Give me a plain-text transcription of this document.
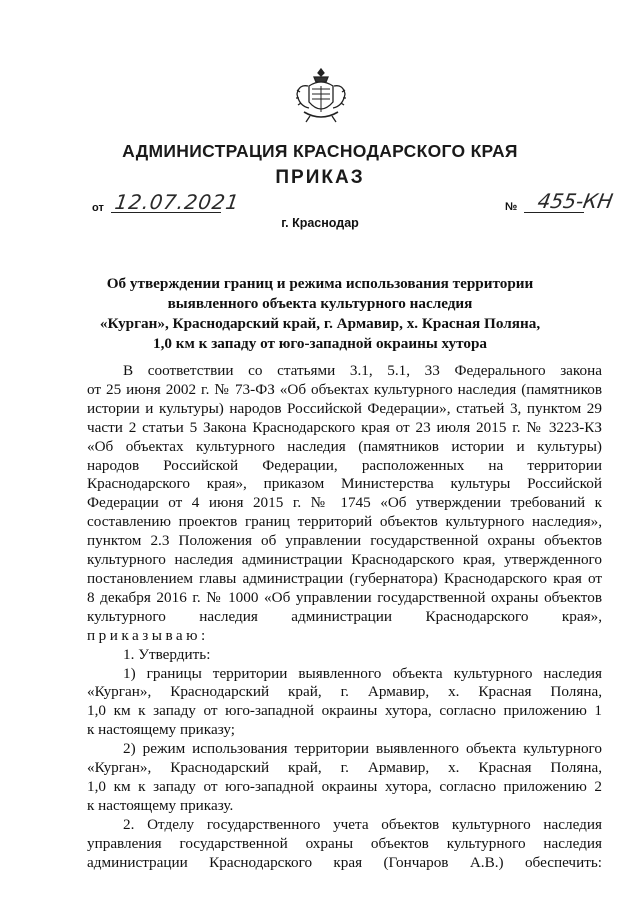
АДМИНИСТРАЦИЯ КРАСНОДАРСКОГО КРАЯ
ПРИКАЗ
от 12.07.2021	№ 455-КН
г. Краснодар
Об утверждении границ и режима использования территории
выявленного объекта культурного наследия
«Курган», Краснодарский край, г. Армавир, х. Красная Поляна,
1,0 км к западу от юго-западной окраины хутора
В соответствии со статьями 3.1, 5.1, 33 Федерального закона
от 25 июня 2002 г. № 73-ФЗ «Об объектах культурного наследия (памятников
истории и культуры) народов Российской Федерации», статьей 3, пунктом 29
части 2 статьи 5 Закона Краснодарского края от 23 июля 2015 г. № 3223-КЗ
«Об объектах культурного наследия (памятников истории и культуры)
народов Российской Федерации, расположенных на территории
Краснодарского края», приказом Министерства культуры Российской
Федерации от 4 июня 2015 г. № 1745 «Об утверждении требований к
составлению проектов границ территорий объектов культурного наследия»,
пунктом 2.3 Положения об управлении государственной охраны объектов
культурного наследия администрации Краснодарского края, утвержденного
постановлением главы администрации (губернатора) Краснодарского края от
8 декабря 2016 г. № 1000 «Об управлении государственной охраны объектов
культурного наследия администрации Краснодарского края»,
приказываю:
1. Утвердить:
1) границы территории выявленного объекта культурного наследия
«Курган», Краснодарский край, г. Армавир, х. Красная Поляна,
1,0 км к западу от юго-западной окраины хутора, согласно приложению 1
к настоящему приказу;
2) режим использования территории выявленного объекта культурного
«Курган», Краснодарский край, г. Армавир, х. Красная Поляна,
1,0 км к западу от юго-западной окраины хутора, согласно приложению 2
к настоящему приказу.
2. Отделу государственного учета объектов культурного наследия
управления государственной охраны объектов культурного наследия
администрации Краснодарского края (Гончаров А.В.) обеспечить:
